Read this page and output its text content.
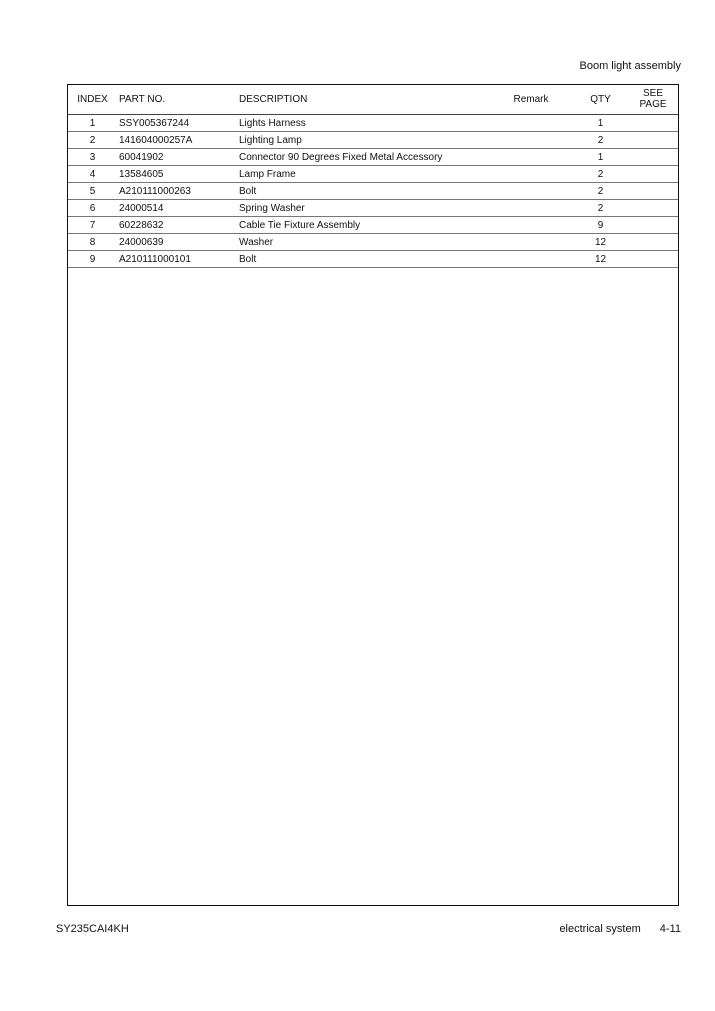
Boom light assembly
INDEX	PART NO.	DESCRIPTION	Remark	QTY	SEE
PAGE

1	SSY005367244	Lights Harness		1	
2	141604000257A	Lighting Lamp		2	
3	60041902	Connector 90 Degrees Fixed Metal Accessory		1	
4	13584605	Lamp Frame		2	
5	A210111000263	Bolt		2	
6	24000514	Spring Washer		2	
7	60228632	Cable Tie Fixture Assembly		9	
8	24000639	Washer		12	
9	A210111000101	Bolt		12	
SY235CAI4KH	electrical system 4-11
